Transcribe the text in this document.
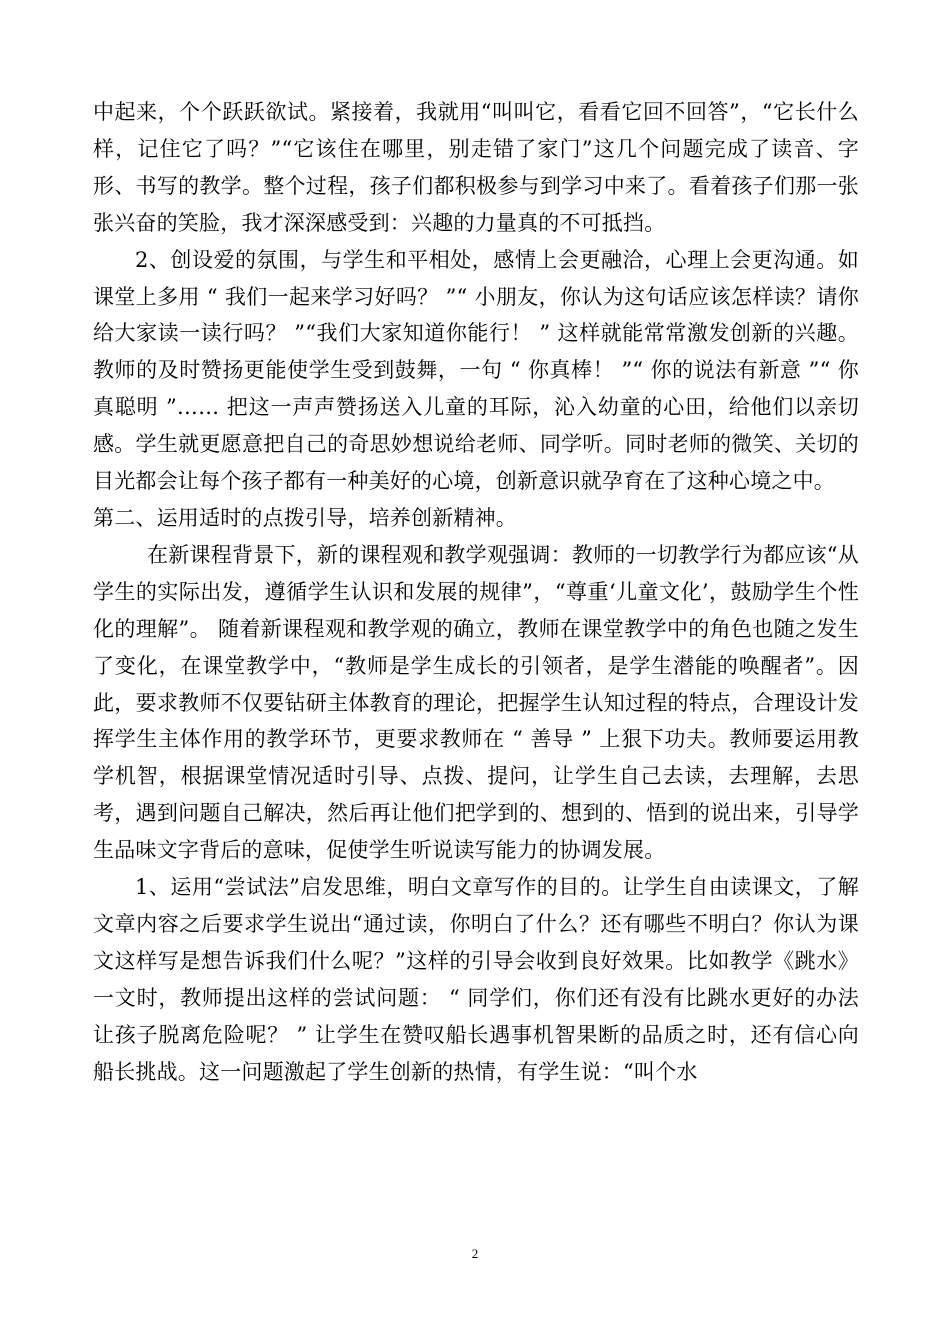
中起来，个个跃跃欲试。紧接着，我就用“叫叫它，看看它回不回答”，“它长什么样，记住它了吗？”“它该住在哪里，别走错了家门”这几个问题完成了读音、字形、书写的教学。整个过程，孩子们都积极参与到学习中来了。看着孩子们那一张张兴奋的笑脸，我才深深感受到：兴趣的力量真的不可抵挡。

2、创设爱的氛围，与学生和平相处，感情上会更融洽，心理上会更沟通。如课堂上多用 “ 我们一起来学习好吗？ ”“ 小朋友，你认为这句话应该怎样读？请你给大家读一读行吗？ ”“我们大家知道你能行！ ” 这样就能常常激发创新的兴趣。教师的及时赞扬更能使学生受到鼓舞，一句 “ 你真棒！ ”“ 你的说法有新意 ”“ 你真聪明 ”…… 把这一声声赞扬送入儿童的耳际，沁入幼童的心田，给他们以亲切感。学生就更愿意把自己的奇思妙想说给老师、同学听。同时老师的微笑、关切的目光都会让每个孩子都有一种美好的心境，创新意识就孕育在了这种心境之中。

第二、运用适时的点拨引导，培养创新精神。

在新课程背景下，新的课程观和教学观强调：教师的一切教学行为都应该“从学生的实际出发，遵循学生认识和发展的规律”，“尊重‘儿童文化’，鼓励学生个性化的理解”。 随着新课程观和教学观的确立，教师在课堂教学中的角色也随之发生了变化，在课堂教学中，“教师是学生成长的引领者，是学生潜能的唤醒者”。因此，要求教师不仅要钻研主体教育的理论，把握学生认知过程的特点，合理设计发挥学生主体作用的教学环节，更要求教师在 “ 善导 ” 上狠下功夫。教师要运用教学机智，根据课堂情况适时引导、点拨、提问，让学生自己去读，去理解，去思考，遇到问题自己解决，然后再让他们把学到的、想到的、悟到的说出来，引导学生品味文字背后的意味，促使学生听说读写能力的协调发展。

1、运用“尝试法”启发思维，明白文章写作的目的。让学生自由读课文，了解文章内容之后要求学生说出“通过读，你明白了什么？还有哪些不明白？你认为课文这样写是想告诉我们什么呢？”这样的引导会收到良好效果。比如教学《跳水》一文时，教师提出这样的尝试问题： “ 同学们，你们还有没有比跳水更好的办法让孩子脱离危险呢？ ” 让学生在赞叹船长遇事机智果断的品质之时，还有信心向船长挑战。这一问题激起了学生创新的热情，有学生说：“叫个水

2
